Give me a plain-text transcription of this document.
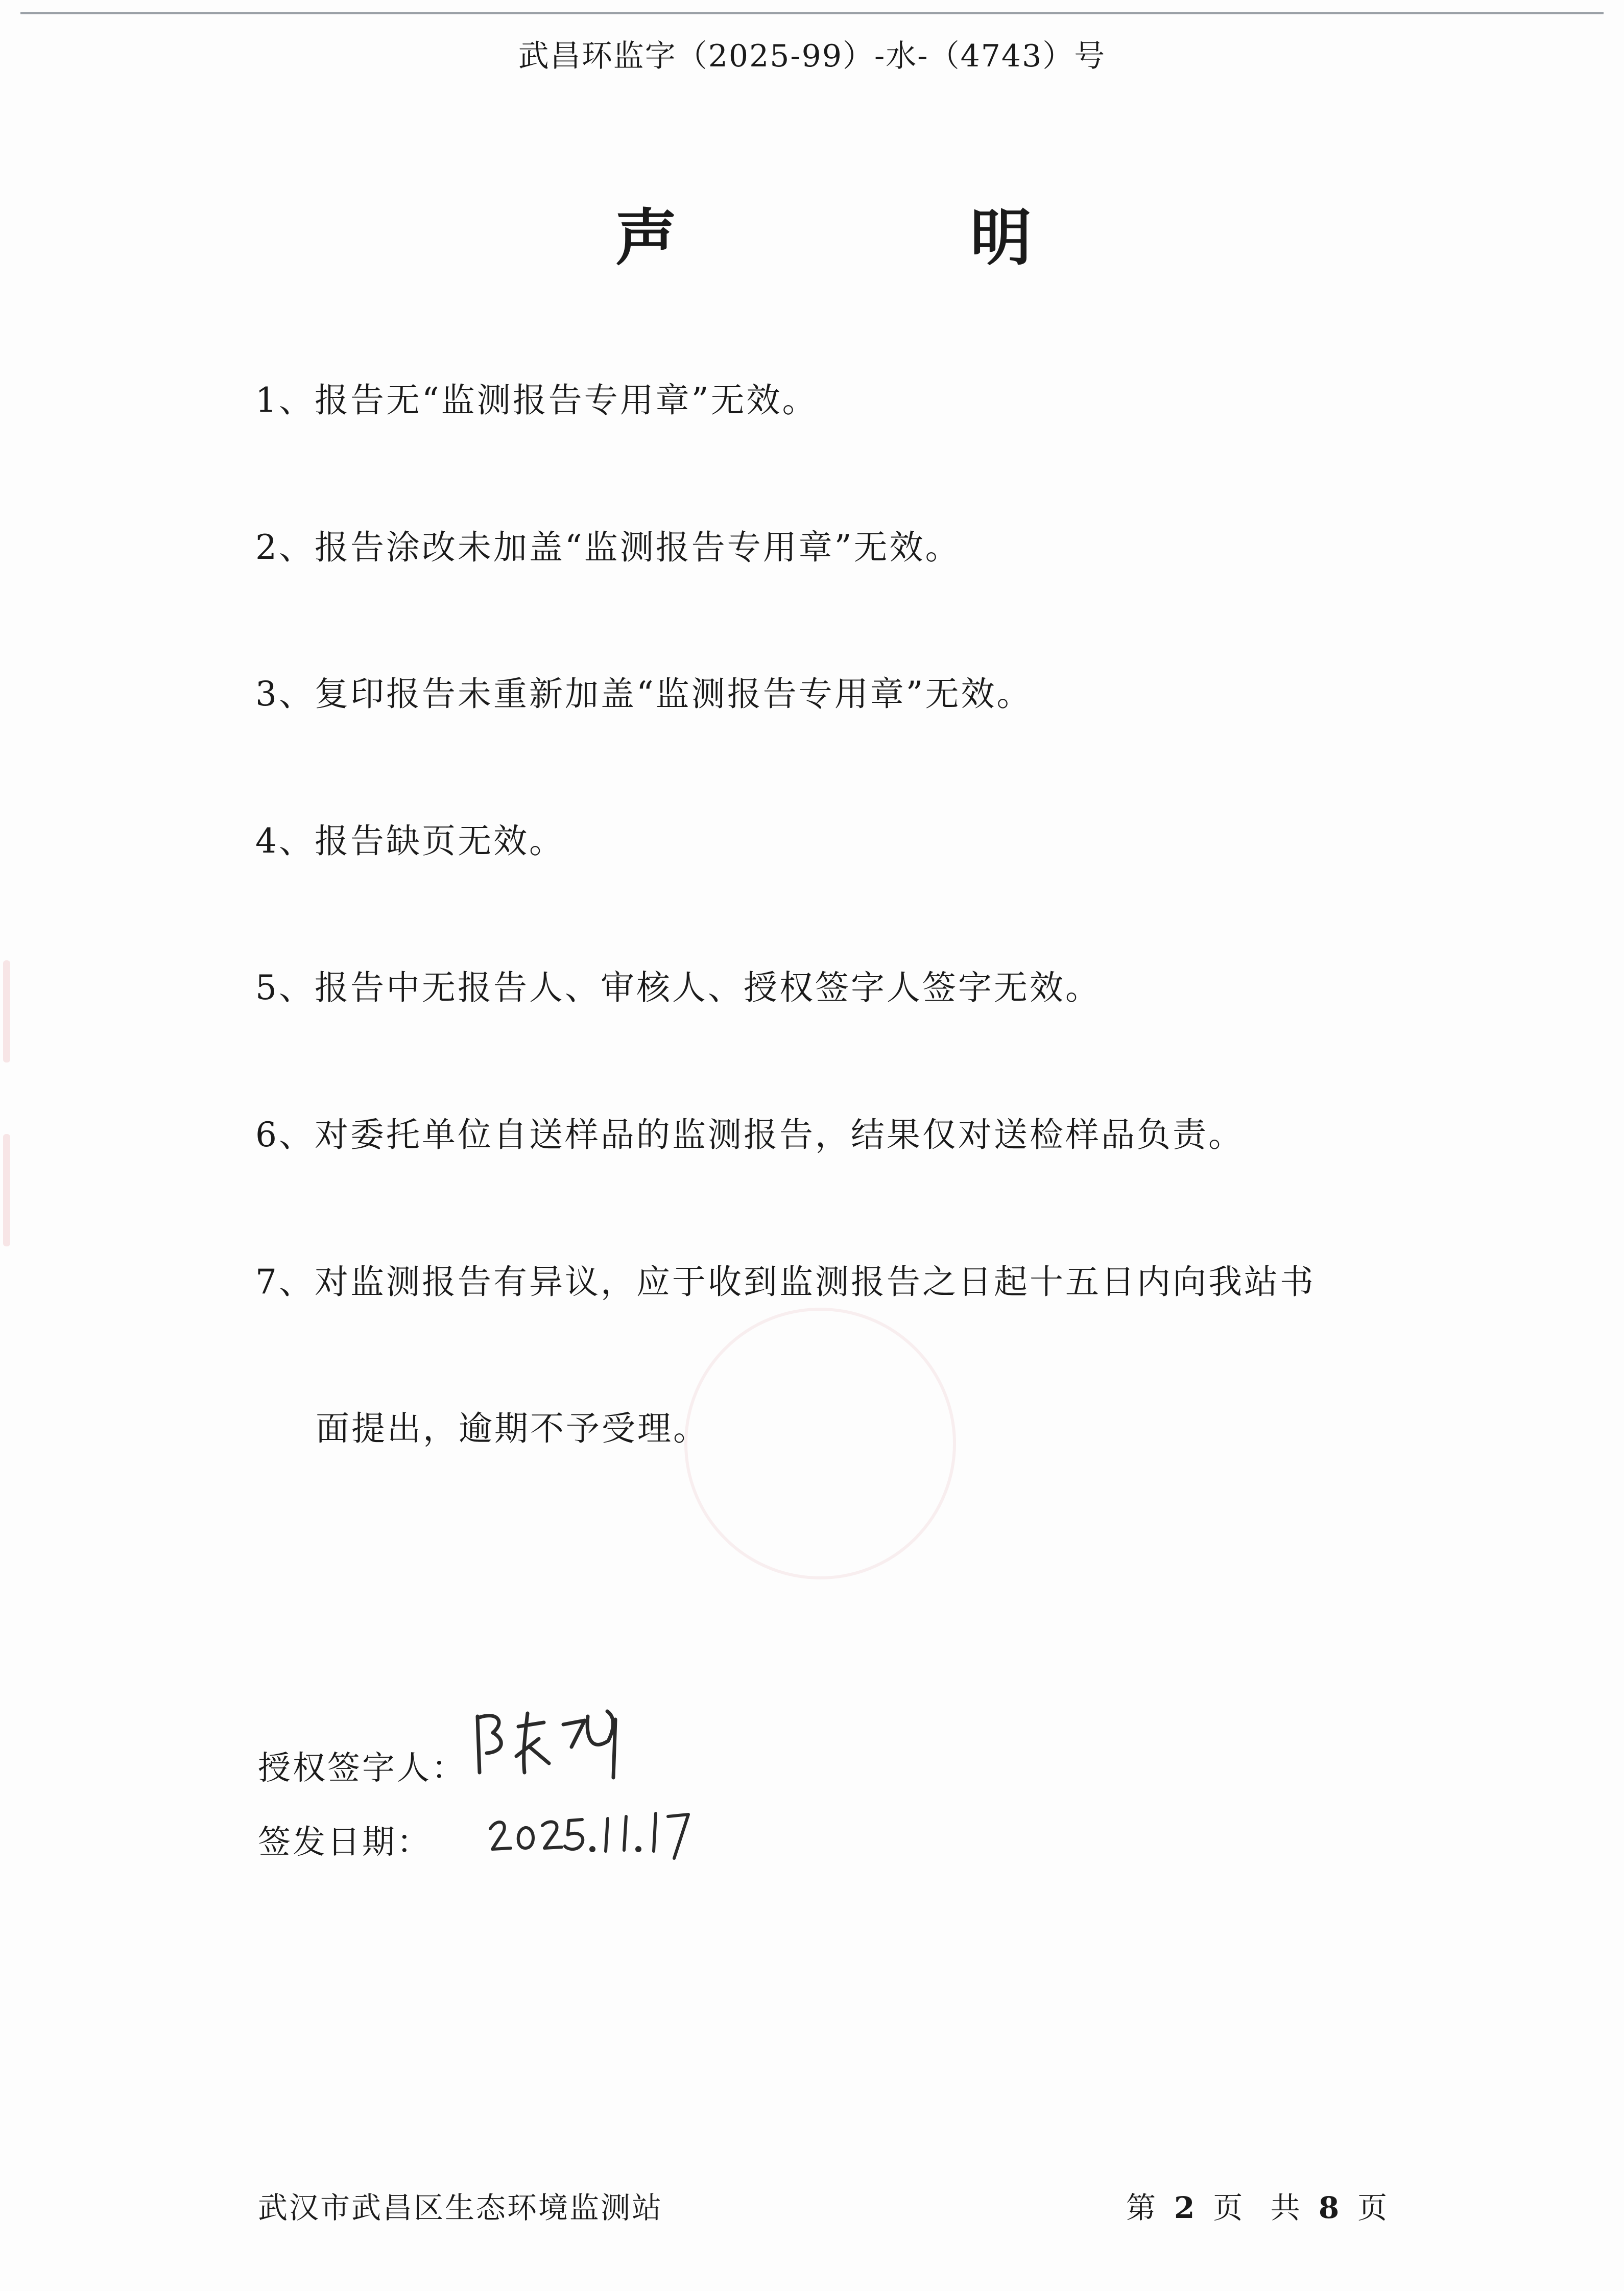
武昌环监字（2025-99）-水-（4743）号
声	明
1、报告无“监测报告专用章”无效。
2、报告涂改未加盖“监测报告专用章”无效。
3、复印报告未重新加盖“监测报告专用章”无效。
4、报告缺页无效。
5、报告中无报告人、审核人、授权签字人签字无效。
6、对委托单位自送样品的监测报告，结果仅对送检样品负责。
7、对监测报告有异议，应于收到监测报告之日起十五日内向我站书
面提出，逾期不予受理。
授权签字人：
签发日期：
武汉市武昌区生态环境监测站	第 2 页 共 8 页
